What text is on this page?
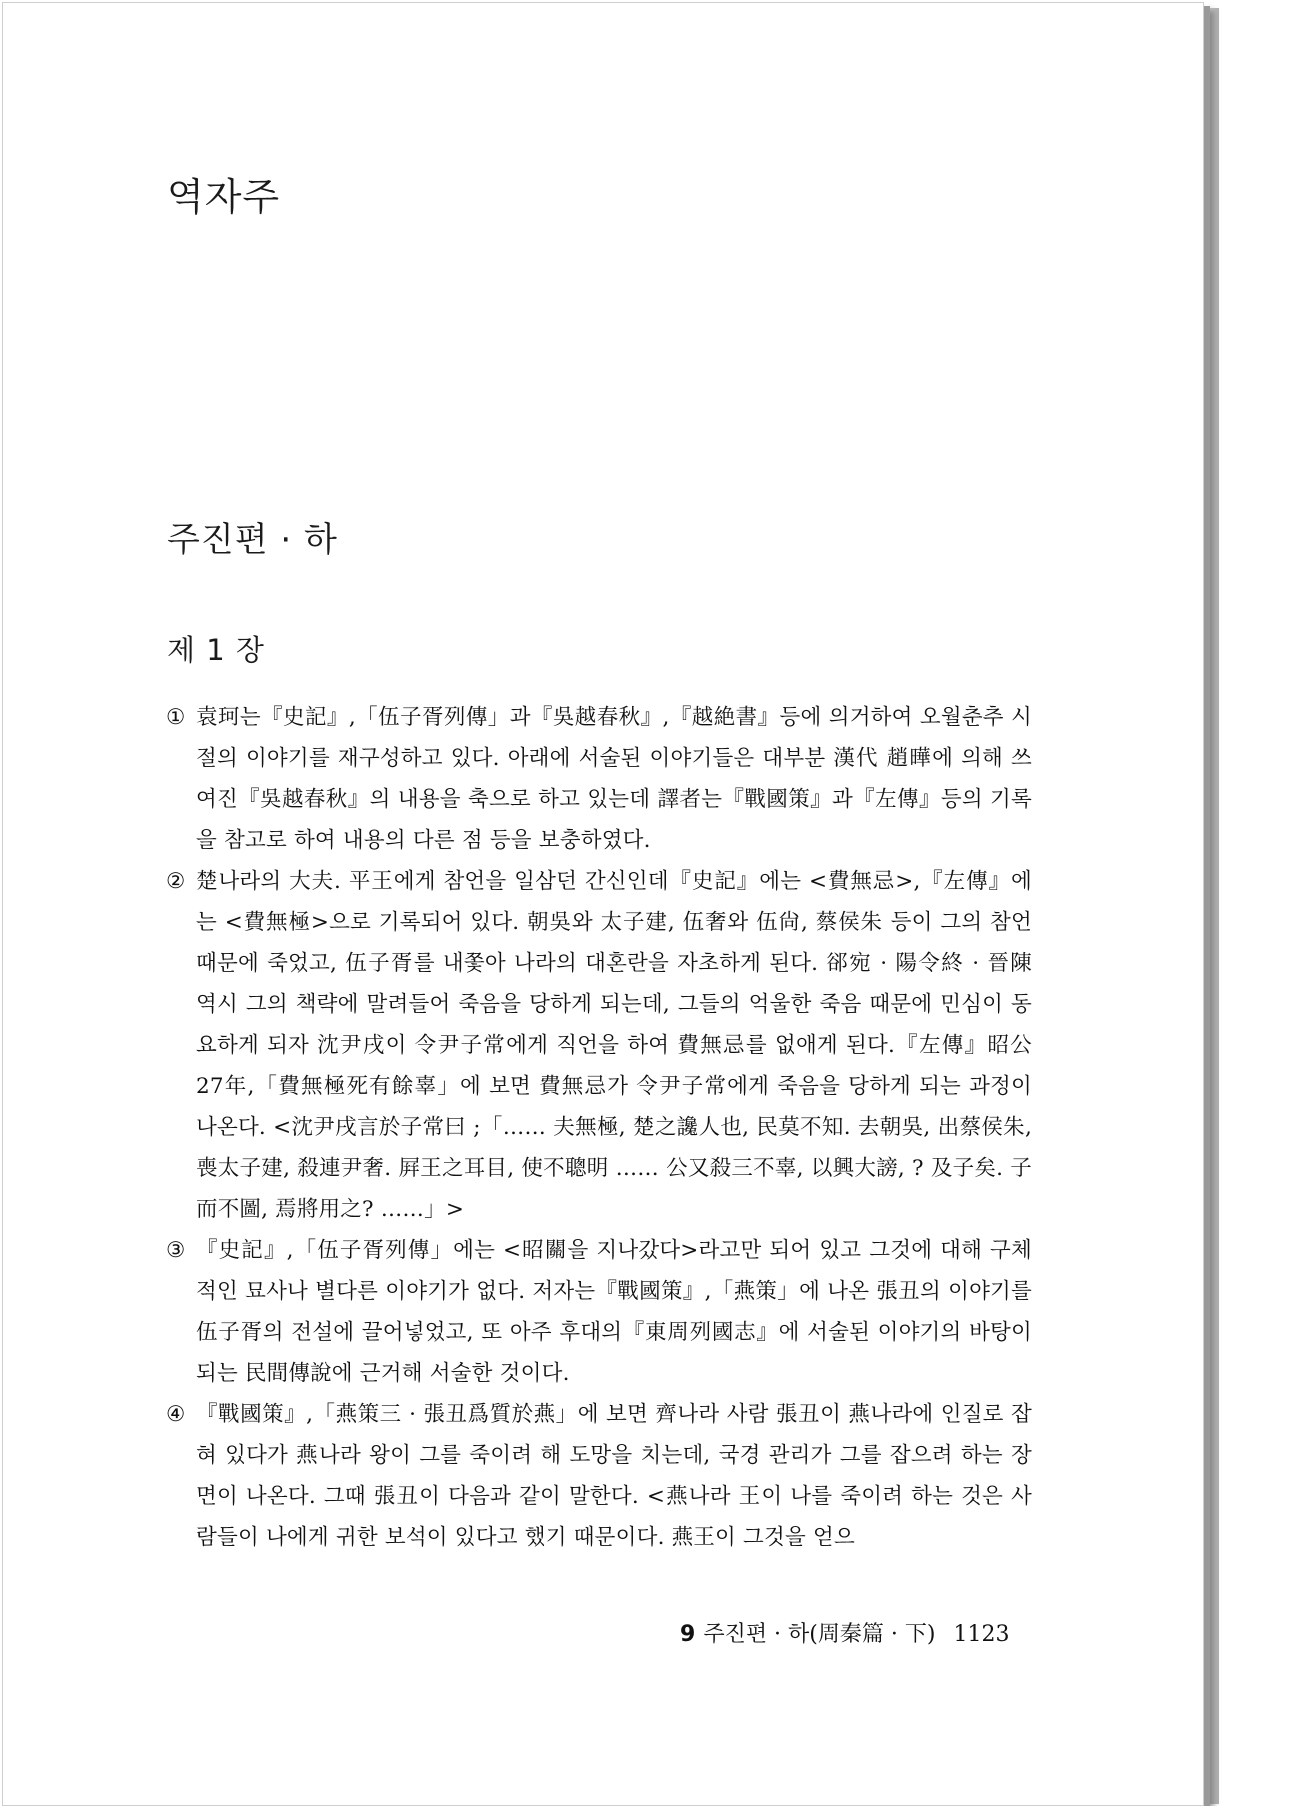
역자주
주진편 · 하
제 1 장
① 袁珂는『史記』,「伍子胥列傳」과『吳越春秋』,『越絶書』등에 의거하여 오월춘추 시절의 이야기를 재구성하고 있다. 아래에 서술된 이야기들은 대부분 漢代 趙曄에 의해 쓰여진『吳越春秋』의 내용을 축으로 하고 있는데 譯者는『戰國策』과『左傳』등의 기록을 참고로 하여 내용의 다른 점 등을 보충하였다.
② 楚나라의 大夫. 平王에게 참언을 일삼던 간신인데『史記』에는 <費無忌>,『左傳』에는 <費無極>으로 기록되어 있다. 朝吳와 太子建, 伍奢와 伍尙, 蔡侯朱 등이 그의 참언 때문에 죽었고, 伍子胥를 내쫓아 나라의 대혼란을 자초하게 된다. 郤宛 · 陽令終 · 晉陳 역시 그의 책략에 말려들어 죽음을 당하게 되는데, 그들의 억울한 죽음 때문에 민심이 동요하게 되자 沈尹戌이 令尹子常에게 직언을 하여 費無忌를 없애게 된다.『左傳』昭公 27年,「費無極死有餘辜」에 보면 費無忌가 令尹子常에게 죽음을 당하게 되는 과정이 나온다. <沈尹戌言於子常曰 ;「…… 夫無極, 楚之讒人也, 民莫不知. 去朝吳, 出蔡侯朱, 喪太子建, 殺連尹奢. 屛王之耳目, 使不聰明 …… 公又殺三不辜, 以興大謗, ? 及子矣. 子而不圖, 焉將用之? ……」>
③ 『史記』,「伍子胥列傳」에는 <昭關을 지나갔다>라고만 되어 있고 그것에 대해 구체적인 묘사나 별다른 이야기가 없다. 저자는『戰國策』,「燕策」에 나온 張丑의 이야기를 伍子胥의 전설에 끌어넣었고, 또 아주 후대의『東周列國志』에 서술된 이야기의 바탕이 되는 民間傳說에 근거해 서술한 것이다.
④ 『戰國策』,「燕策三 · 張丑爲質於燕」에 보면 齊나라 사람 張丑이 燕나라에 인질로 잡혀 있다가 燕나라 왕이 그를 죽이려 해 도망을 치는데, 국경 관리가 그를 잡으려 하는 장면이 나온다. 그때 張丑이 다음과 같이 말한다. <燕나라 王이 나를 죽이려 하는 것은 사람들이 나에게 귀한 보석이 있다고 했기 때문이다. 燕王이 그것을 얻으
9 주진편 · 하(周秦篇 · 下) 1123
